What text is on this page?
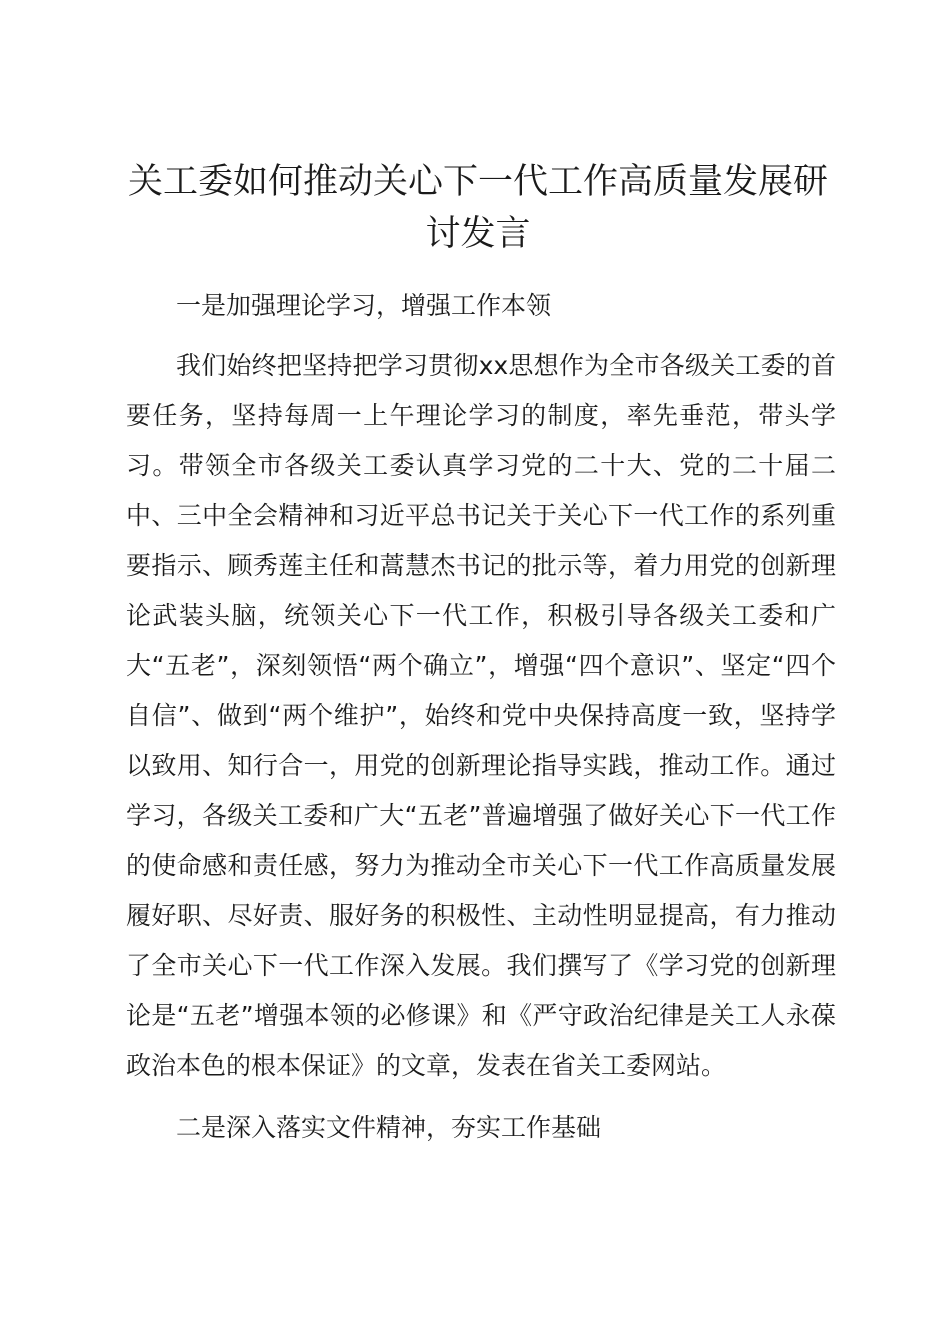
关工委如何推动关心下一代工作高质量发展研讨发言

一是加强理论学习，增强工作本领

我们始终把坚持把学习贯彻xx思想作为全市各级关工委的首要任务，坚持每周一上午理论学习的制度，率先垂范，带头学习。带领全市各级关工委认真学习党的二十大、党的二十届二中、三中全会精神和习近平总书记关于关心下一代工作的系列重要指示、顾秀莲主任和蒿慧杰书记的批示等，着力用党的创新理论武装头脑，统领关心下一代工作，积极引导各级关工委和广大“五老”，深刻领悟“两个确立”，增强“四个意识”、坚定“四个自信”、做到“两个维护”，始终和党中央保持高度一致，坚持学以致用、知行合一，用党的创新理论指导实践，推动工作。通过学习，各级关工委和广大“五老”普遍增强了做好关心下一代工作的使命感和责任感，努力为推动全市关心下一代工作高质量发展履好职、尽好责、服好务的积极性、主动性明显提高，有力推动了全市关心下一代工作深入发展。我们撰写了《学习党的创新理论是“五老”增强本领的必修课》和《严守政治纪律是关工人永葆政治本色的根本保证》的文章，发表在省关工委网站。

二是深入落实文件精神，夯实工作基础
